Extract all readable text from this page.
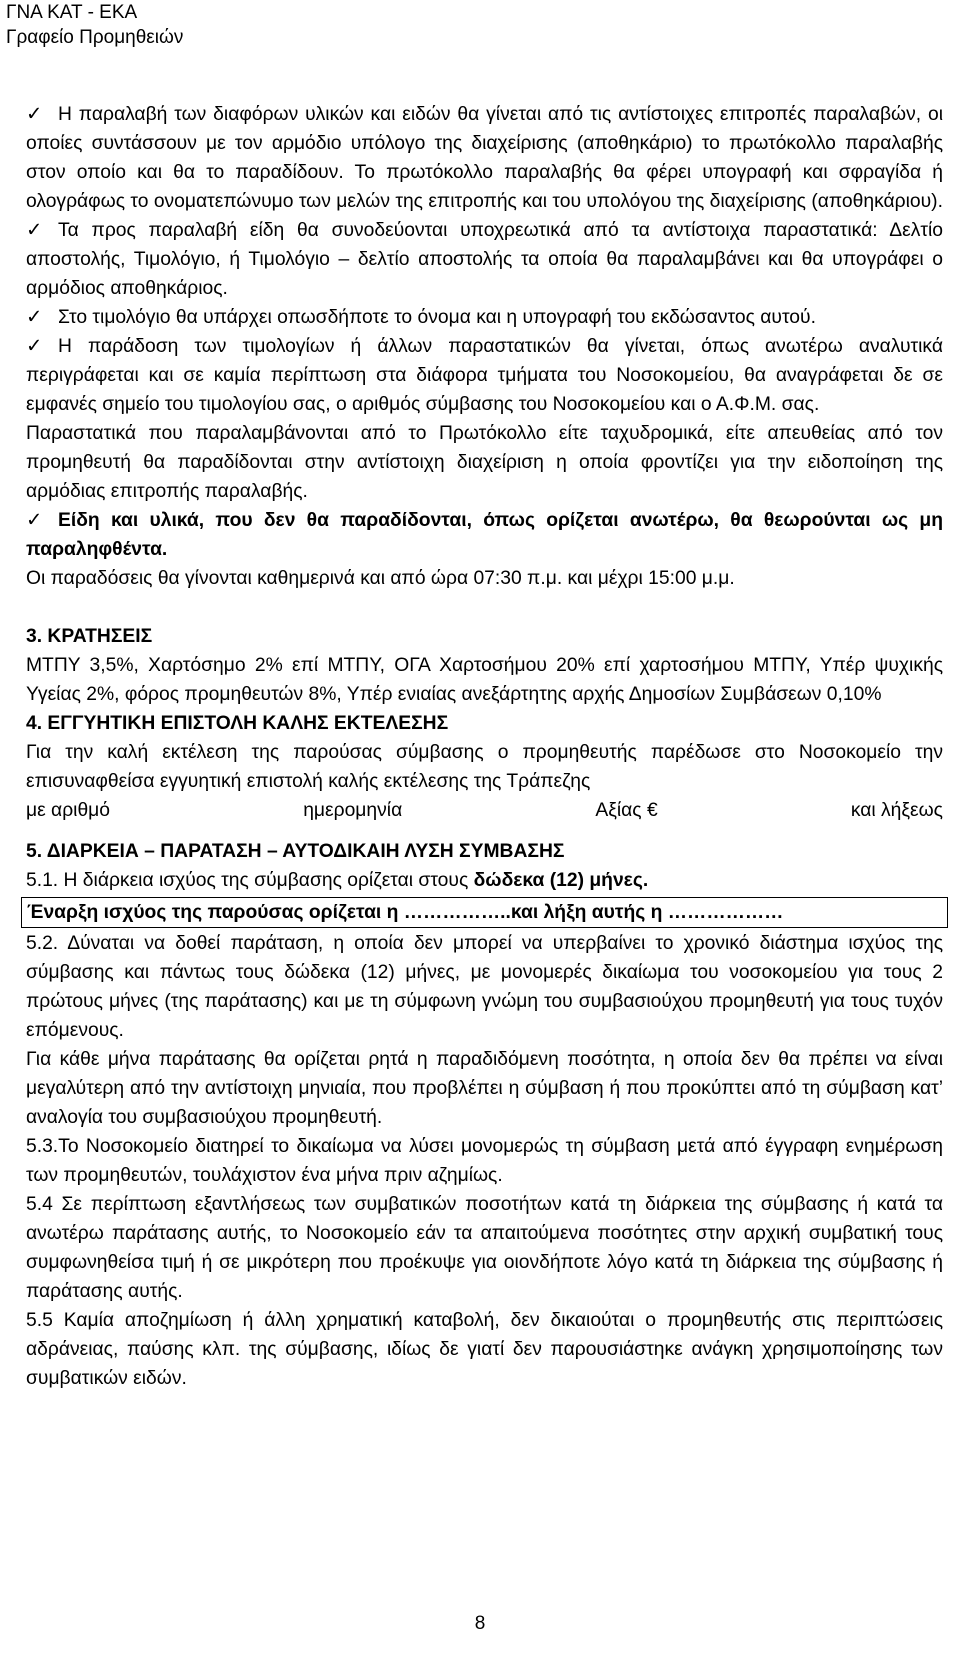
ΓΝΑ ΚΑΤ - ΕΚΑ
Γραφείο Προμηθειών

✓ Η παραλαβή των διαφόρων υλικών και ειδών θα γίνεται από τις αντίστοιχες επιτροπές παραλαβών, οι οποίες συντάσσουν με τον αρμόδιο υπόλογο της διαχείρισης (αποθηκάριο) το πρωτόκολλο παραλαβής στον οποίο και θα το παραδίδουν. Το πρωτόκολλο παραλαβής θα φέρει υπογραφή και σφραγίδα ή ολογράφως το ονοματεπώνυμο των μελών της επιτροπής και του υπολόγου της διαχείρισης (αποθηκάριου).

✓ Τα προς παραλαβή είδη θα συνοδεύονται υποχρεωτικά από τα αντίστοιχα παραστατικά: Δελτίο αποστολής, Τιμολόγιο, ή Τιμολόγιο – δελτίο αποστολής τα οποία θα παραλαμβάνει και θα υπογράφει ο αρμόδιος αποθηκάριος.

✓ Στο τιμολόγιο θα υπάρχει οπωσδήποτε το όνομα και η υπογραφή του εκδώσαντος αυτού.

✓ Η παράδοση των τιμολογίων ή άλλων παραστατικών θα γίνεται, όπως ανωτέρω αναλυτικά περιγράφεται και σε καμία περίπτωση στα διάφορα τμήματα του Νοσοκομείου, θα αναγράφεται δε σε εμφανές σημείο του τιμολογίου σας, ο αριθμός σύμβασης του Νοσοκομείου και ο Α.Φ.Μ. σας.

Παραστατικά που παραλαμβάνονται από το Πρωτόκολλο είτε ταχυδρομικά, είτε απευθείας από τον προμηθευτή θα παραδίδονται στην αντίστοιχη διαχείριση η οποία φροντίζει για την ειδοποίηση της αρμόδιας επιτροπής παραλαβής.

✓ Είδη και υλικά, που δεν θα παραδίδονται, όπως ορίζεται ανωτέρω, θα θεωρούνται ως μη παραληφθέντα.

Οι παραδόσεις θα γίνονται καθημερινά και από ώρα 07:30 π.μ. και μέχρι 15:00 μ.μ.

3. ΚΡΑΤΗΣΕΙΣ

ΜΤΠΥ 3,5%, Χαρτόσημο 2% επί ΜΤΠΥ, ΟΓΑ Χαρτοσήμου 20% επί χαρτοσήμου ΜΤΠΥ, Υπέρ ψυχικής Υγείας 2%, φόρος προμηθευτών 8%, Υπέρ ενιαίας ανεξάρτητης αρχής Δημοσίων Συμβάσεων 0,10%

4. ΕΓΓΥΗΤΙΚΗ ΕΠΙΣΤΟΛΗ ΚΑΛΗΣ ΕΚΤΕΛΕΣΗΣ

Για την καλή εκτέλεση της παρούσας σύμβασης ο προμηθευτής παρέδωσε στο Νοσοκομείο την επισυναφθείσα εγγυητική επιστολή καλής εκτέλεσης της Τράπεζης

με αριθμό	ημερομηνία	Αξίας €	και λήξεως

5. ΔΙΑΡΚΕΙΑ – ΠΑΡΑΤΑΣΗ – ΑΥΤΟΔΙΚΑΙΗ ΛΥΣΗ ΣΥΜΒΑΣΗΣ

5.1. Η διάρκεια ισχύος της σύμβασης ορίζεται στους δώδεκα (12) μήνες.

Έναρξη ισχύος της παρούσας ορίζεται η ……………..και λήξη αυτής η ………………

5.2. Δύναται να δοθεί παράταση, η οποία δεν μπορεί να υπερβαίνει το χρονικό διάστημα ισχύος της σύμβασης και πάντως τους δώδεκα (12) μήνες, με μονομερές δικαίωμα του νοσοκομείου για τους 2 πρώτους μήνες (της παράτασης) και με τη σύμφωνη γνώμη του συμβασιούχου προμηθευτή για τους τυχόν επόμενους.

Για κάθε μήνα παράτασης θα ορίζεται ρητά η παραδιδόμενη ποσότητα, η οποία δεν θα πρέπει να είναι μεγαλύτερη από την αντίστοιχη μηνιαία, που προβλέπει η σύμβαση ή που προκύπτει από τη σύμβαση κατ’ αναλογία του συμβασιούχου προμηθευτή.

5.3.Το Νοσοκομείο διατηρεί το δικαίωμα να λύσει μονομερώς τη σύμβαση μετά από έγγραφη ενημέρωση των προμηθευτών, τουλάχιστον ένα μήνα πριν αζημίως.

5.4 Σε περίπτωση εξαντλήσεως των συμβατικών ποσοτήτων κατά τη διάρκεια της σύμβασης ή κατά τα ανωτέρω παράτασης αυτής, το Νοσοκομείο εάν τα απαιτούμενα ποσότητες στην αρχική συμβατική τους συμφωνηθείσα τιμή ή σε μικρότερη που προέκυψε για οιονδήποτε λόγο κατά τη διάρκεια της σύμβασης ή παράτασης αυτής.

5.5 Καμία αποζημίωση ή άλλη χρηματική καταβολή, δεν δικαιούται ο προμηθευτής στις περιπτώσεις αδράνειας, παύσης κλπ. της σύμβασης, ιδίως δε γιατί δεν παρουσιάστηκε ανάγκη χρησιμοποίησης των συμβατικών ειδών.

8
